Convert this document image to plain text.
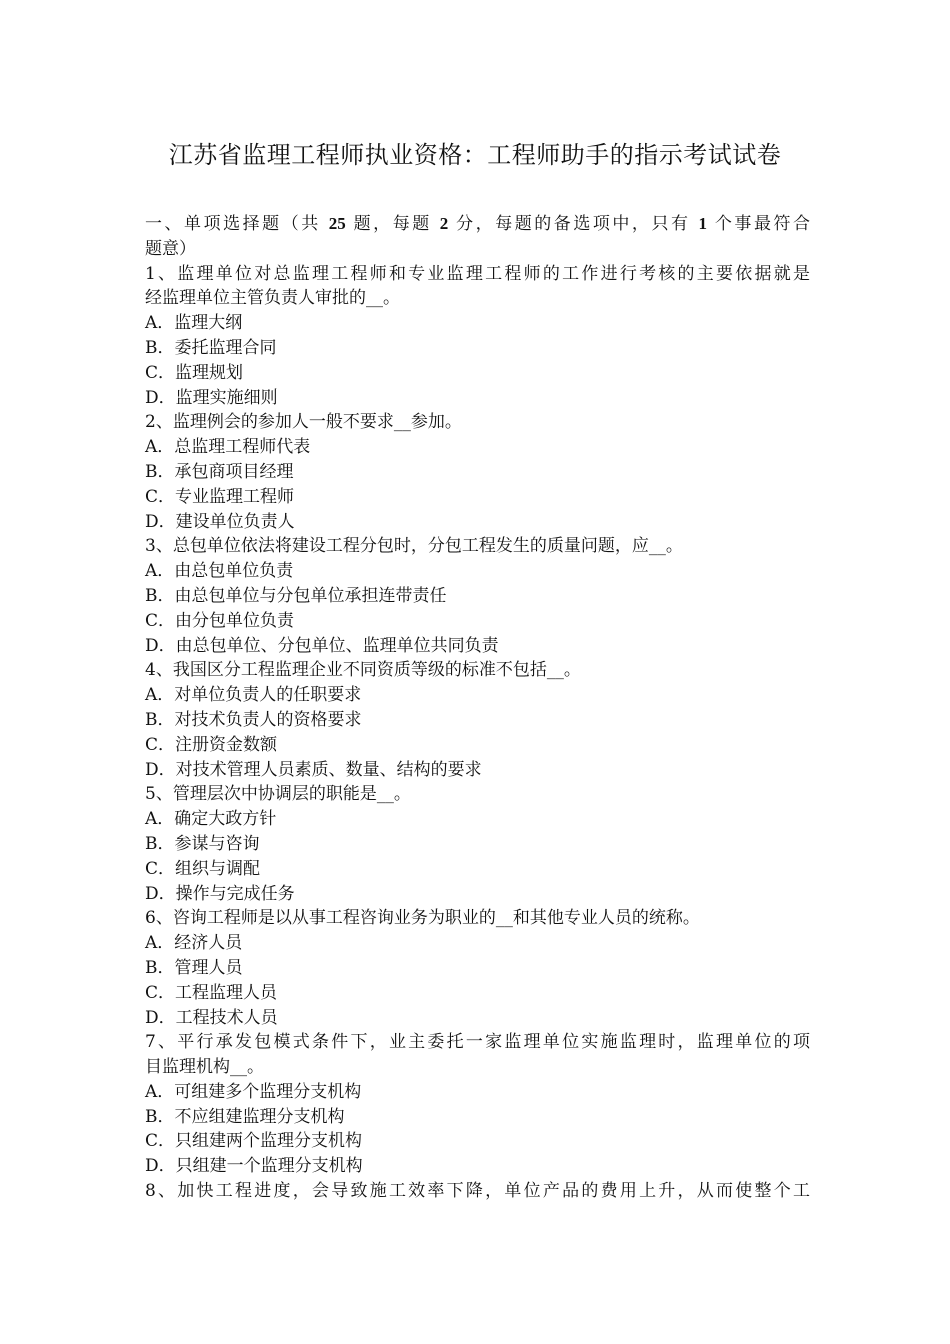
江苏省监理工程师执业资格：工程师助手的指示考试试卷
一、单项选择题（共 25 题，每题 2 分，每题的备选项中，只有 1 个事最符合
题意）
1、监理单位对总监理工程师和专业监理工程师的工作进行考核的主要依据就是
经监理单位主管负责人审批的__。
A．监理大纲
B．委托监理合同
C．监理规划
D．监理实施细则
2、监理例会的参加人一般不要求__参加。
A．总监理工程师代表
B．承包商项目经理
C．专业监理工程师
D．建设单位负责人
3、总包单位依法将建设工程分包时，分包工程发生的质量问题，应__。
A．由总包单位负责
B．由总包单位与分包单位承担连带责任
C．由分包单位负责
D．由总包单位、分包单位、监理单位共同负责
4、我国区分工程监理企业不同资质等级的标准不包括__。
A．对单位负责人的任职要求
B．对技术负责人的资格要求
C．注册资金数额
D．对技术管理人员素质、数量、结构的要求
5、管理层次中协调层的职能是__。
A．确定大政方针
B．参谋与咨询
C．组织与调配
D．操作与完成任务
6、咨询工程师是以从事工程咨询业务为职业的__和其他专业人员的统称。
A．经济人员
B．管理人员
C．工程监理人员
D．工程技术人员
7、平行承发包模式条件下，业主委托一家监理单位实施监理时，监理单位的项
目监理机构__。
A．可组建多个监理分支机构
B．不应组建监理分支机构
C．只组建两个监理分支机构
D．只组建一个监理分支机构
8、加快工程进度，会导致施工效率下降，单位产品的费用上升，从而使整个工
